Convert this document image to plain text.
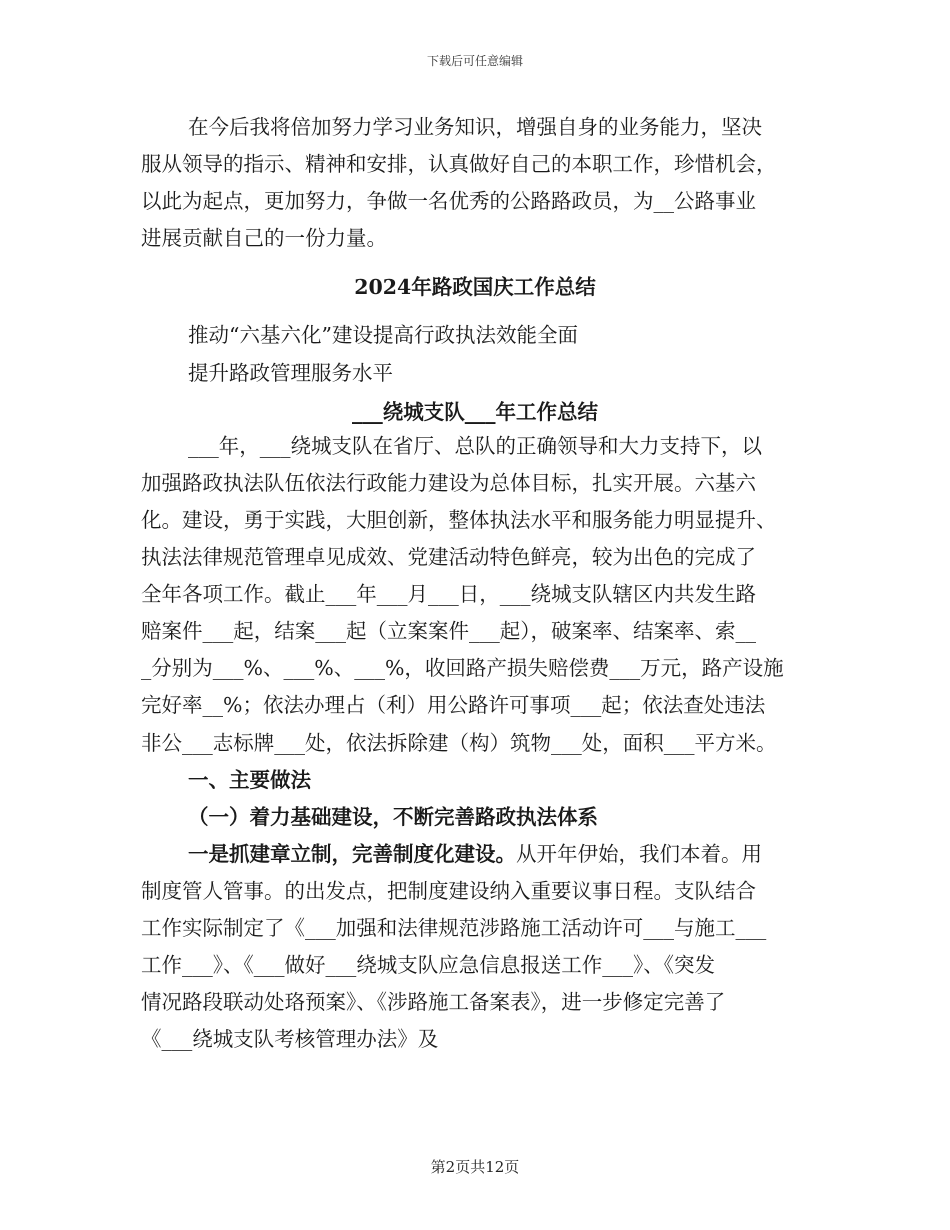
下载后可任意编辑

在今后我将倍加努力学习业务知识，增强自身的业务能力，坚决

服从领导的指示、精神和安排，认真做好自己的本职工作，珍惜机会，

以此为起点，更加努力，争做一名优秀的公路路政员，为__公路事业

进展贡献自己的一份力量。

2024年路政国庆工作总结

推动“六基六化”建设提高行政执法效能全面

提升路政管理服务水平

___绕城支队___年工作总结

___年，___绕城支队在省厅、总队的正确领导和大力支持下，以

加强路政执法队伍依法行政能力建设为总体目标，扎实开展。六基六

化。建设，勇于实践，大胆创新，整体执法水平和服务能力明显提升、

执法法律规范管理卓见成效、党建活动特色鲜亮，较为出色的完成了

全年各项工作。截止___年___月___日，___绕城支队辖区内共发生路

赔案件___起，结案___起（立案案件___起），破案率、结案率、索__

_分别为___%、___%、___%，收回路产损失赔偿费___万元，路产设施

完好率__%；依法办理占（利）用公路许可事项___起；依法查处违法

非公___志标牌___处，依法拆除建（构）筑物___处，面积___平方米。

一、主要做法

（一）着力基础建设，不断完善路政执法体系

一是抓建章立制，完善制度化建设。从开年伊始，我们本着。用

制度管人管事。的出发点，把制度建设纳入重要议事日程。支队结合

工作实际制定了《___加强和法律规范涉路施工活动许可___与施工___

工作___》、《___做好___绕城支队应急信息报送工作___》、《突发

情况路段联动处珞预案》、《涉路施工备案表》，进一步修定完善了

《___绕城支队考核管理办法》及

第2页共12页
